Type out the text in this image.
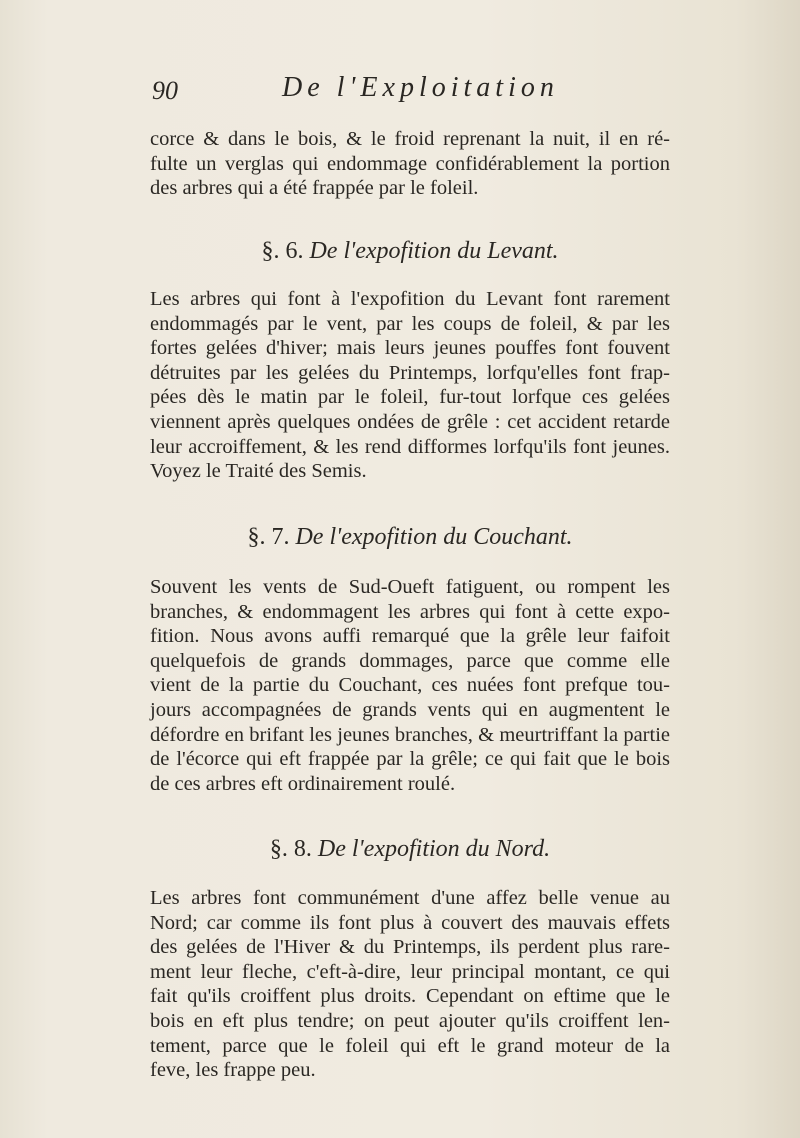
90	De l'Exploitation
corce & dans le bois, & le froid reprenant la nuit, il en ré-
fulte un verglas qui endommage confidérablement la portion
des arbres qui a été frappée par le foleil.
§. 6. De l'expofition du Levant.
Les arbres qui font à l'expofition du Levant font rarement
endommagés par le vent, par les coups de foleil, & par les
fortes gelées d'hiver; mais leurs jeunes pouffes font fouvent
détruites par les gelées du Printemps, lorfqu'elles font frap-
pées dès le matin par le foleil, fur-tout lorfque ces gelées
viennent après quelques ondées de grêle : cet accident retarde
leur accroiffement, & les rend difformes lorfqu'ils font jeunes.
Voyez le Traité des Semis.
§. 7. De l'expofition du Couchant.
Souvent les vents de Sud-Oueft fatiguent, ou rompent les
branches, & endommagent les arbres qui font à cette expo-
fition. Nous avons auffi remarqué que la grêle leur faifoit
quelquefois de grands dommages, parce que comme elle
vient de la partie du Couchant, ces nuées font prefque tou-
jours accompagnées de grands vents qui en augmentent le
défordre en brifant les jeunes branches, & meurtriffant la partie
de l'écorce qui eft frappée par la grêle; ce qui fait que le bois
de ces arbres eft ordinairement roulé.
§. 8. De l'expofition du Nord.
Les arbres font communément d'une affez belle venue au
Nord; car comme ils font plus à couvert des mauvais effets
des gelées de l'Hiver & du Printemps, ils perdent plus rare-
ment leur fleche, c'eft-à-dire, leur principal montant, ce qui
fait qu'ils croiffent plus droits. Cependant on eftime que le
bois en eft plus tendre; on peut ajouter qu'ils croiffent len-
tement, parce que le foleil qui eft le grand moteur de la
feve, les frappe peu.
